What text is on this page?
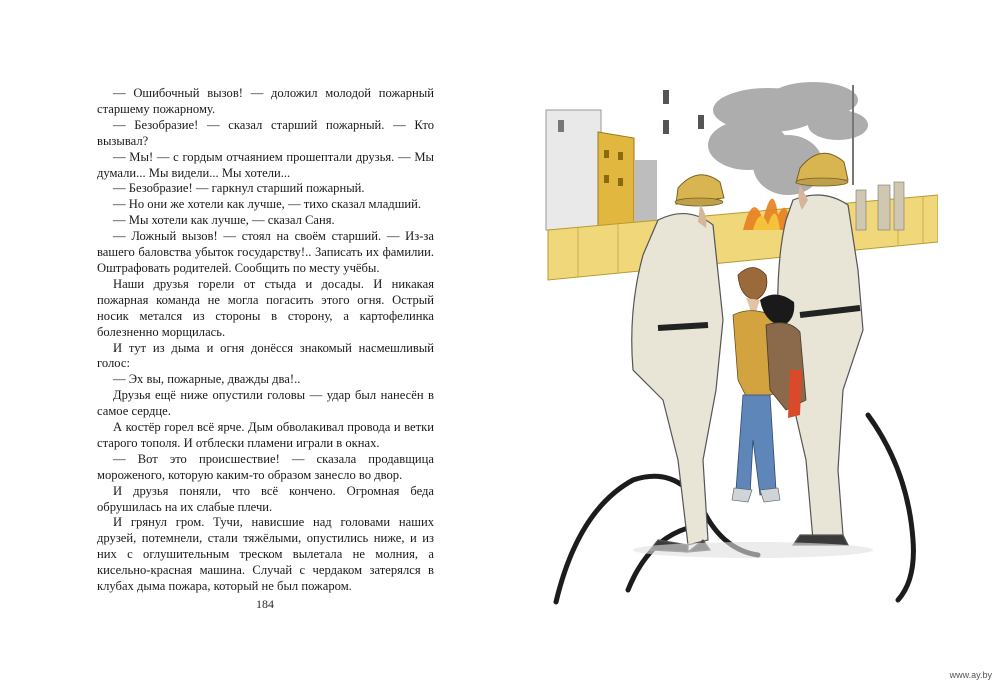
— Ошибочный вызов! — доложил молодой пожарный старшему пожарному.

— Безобразие! — сказал старший пожарный. — Кто вызывал?

— Мы! — с гордым отчаянием прошептали друзья. — Мы думали... Мы видели... Мы хотели...

— Безобразие! — гаркнул старший пожарный.

— Но они же хотели как лучше, — тихо сказал младший.

— Мы хотели как лучше, — сказал Саня.

— Ложный вызов! — стоял на своём старший. — Из-за вашего баловства убыток государству!.. Записать их фамилии. Оштрафовать родителей. Сообщить по месту учёбы.

Наши друзья горели от стыда и досады. И никакая пожарная команда не могла погасить этого огня. Острый носик метался из стороны в сторону, а картофелинка болезненно морщилась.

И тут из дыма и огня донёсся знакомый насмешливый голос:

— Эх вы, пожарные, дважды два!..

Друзья ещё ниже опустили головы — удар был нанесён в самое сердце.

А костёр горел всё ярче. Дым обволакивал провода и ветки старого тополя. И отблески пламени играли в окнах.

— Вот это происшествие! — сказала продавщица мороженого, которую каким-то образом занесло во двор.

И друзья поняли, что всё кончено. Огромная беда обрушилась на их слабые плечи.

И грянул гром. Тучи, нависшие над головами наших друзей, потемнели, стали тяжёлыми, опустились ниже, и из них с оглушительным треском вылетала не молния, а кисельно-красная машина. Случай с чердаком затерялся в клубах дыма пожара, который не был пожаром.

184
www.ay.by
